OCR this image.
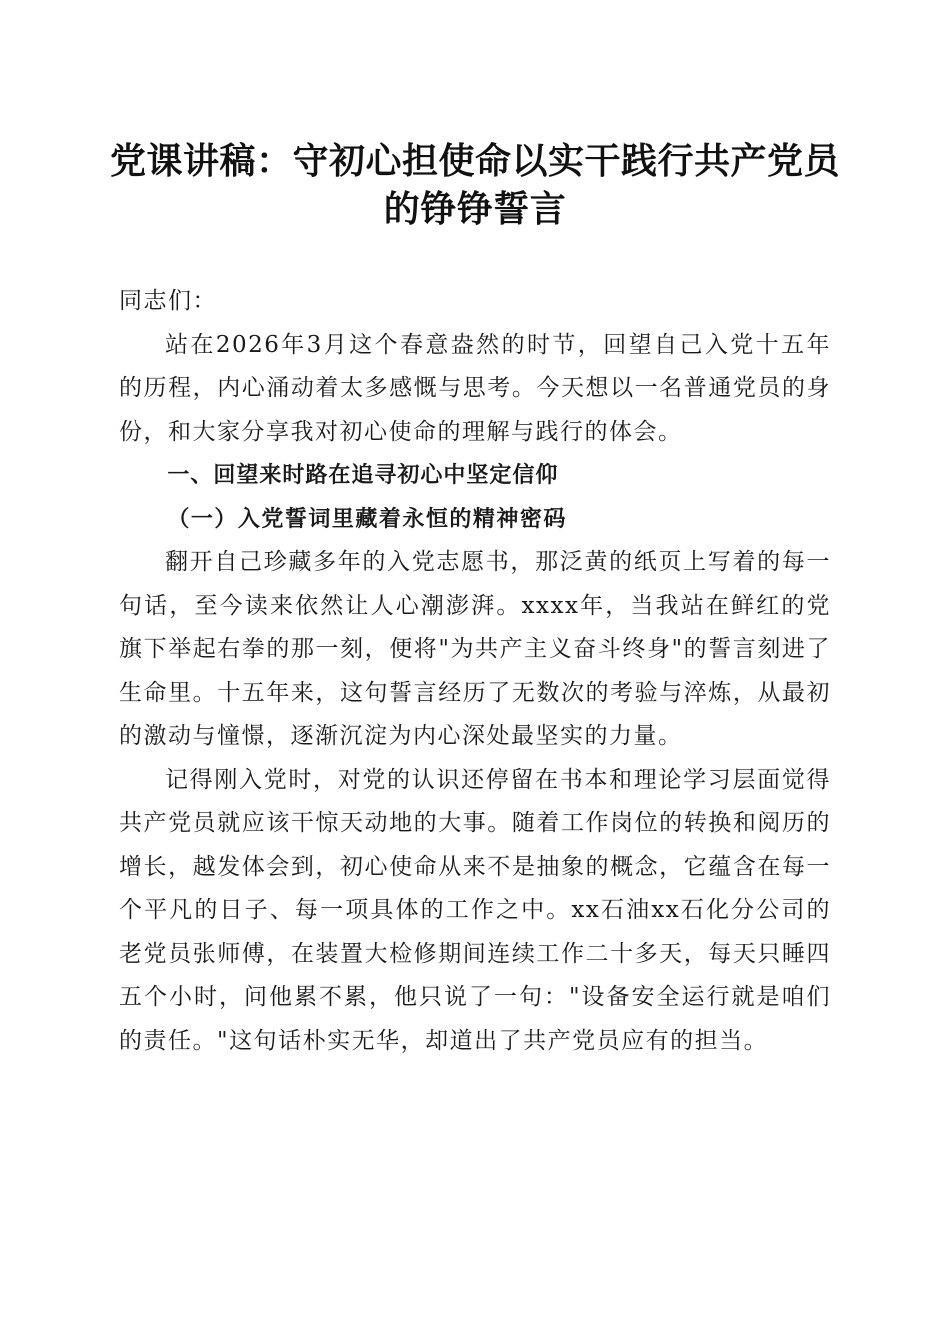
党课讲稿：守初心担使命以实干践行共产党员
的铮铮誓言

同志们：

站在2026年3月这个春意盎然的时节，回望自己入党十五年的历程，内心涌动着太多感慨与思考。今天想以一名普通党员的身份，和大家分享我对初心使命的理解与践行的体会。

一、回望来时路在追寻初心中坚定信仰

（一）入党誓词里藏着永恒的精神密码

翻开自己珍藏多年的入党志愿书，那泛黄的纸页上写着的每一句话，至今读来依然让人心潮澎湃。xxxx年，当我站在鲜红的党旗下举起右拳的那一刻，便将"为共产主义奋斗终身"的誓言刻进了生命里。十五年来，这句誓言经历了无数次的考验与淬炼，从最初的激动与憧憬，逐渐沉淀为内心深处最坚实的力量。

记得刚入党时，对党的认识还停留在书本和理论学习层面觉得共产党员就应该干惊天动地的大事。随着工作岗位的转换和阅历的增长，越发体会到，初心使命从来不是抽象的概念，它蕴含在每一个平凡的日子、每一项具体的工作之中。xx石油xx石化分公司的老党员张师傅，在装置大检修期间连续工作二十多天，每天只睡四五个小时，问他累不累，他只说了一句："设备安全运行就是咱们的责任。"这句话朴实无华，却道出了共产党员应有的担当。
